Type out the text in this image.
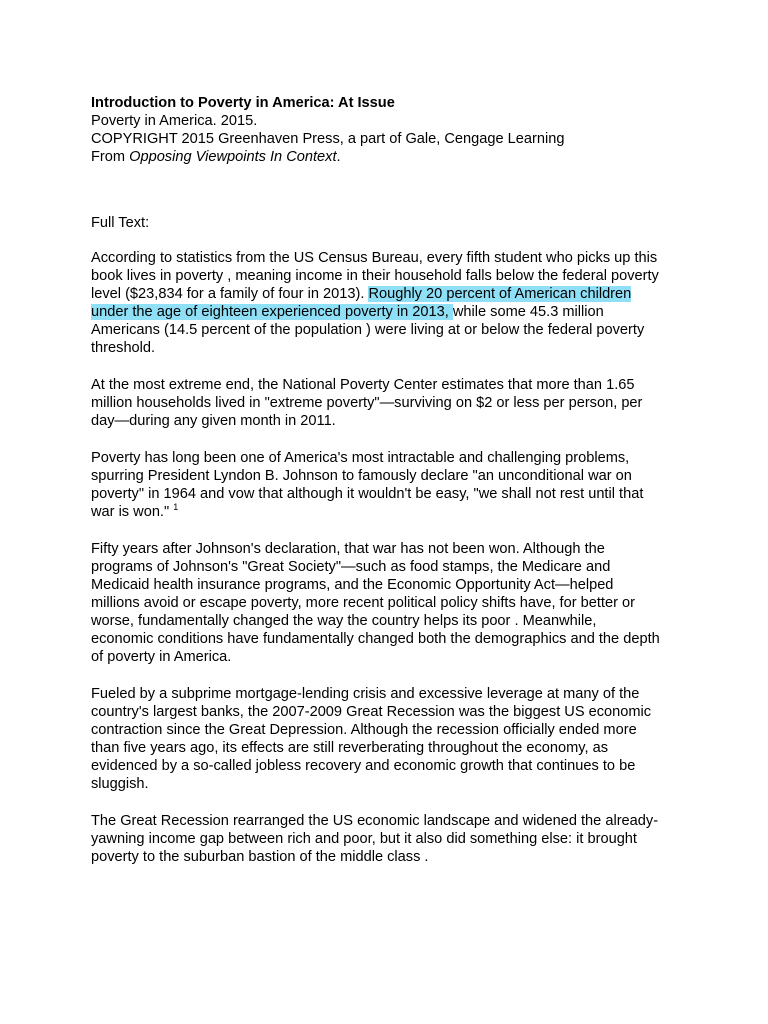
Introduction to Poverty in America: At Issue
Poverty in America. 2015.
COPYRIGHT 2015 Greenhaven Press, a part of Gale, Cengage Learning
From Opposing Viewpoints In Context.
Full Text:
According to statistics from the US Census Bureau, every fifth student who picks up this
book lives in poverty , meaning income in their household falls below the federal poverty
level ($23,834 for a family of four in 2013). Roughly 20 percent of American children
under the age of eighteen experienced poverty in 2013, while some 45.3 million
Americans (14.5 percent of the population ) were living at or below the federal poverty
threshold.
At the most extreme end, the National Poverty Center estimates that more than 1.65
million households lived in "extreme poverty"—surviving on $2 or less per person, per
day—during any given month in 2011.
Poverty has long been one of America's most intractable and challenging problems,
spurring President Lyndon B. Johnson to famously declare "an unconditional war on
poverty" in 1964 and vow that although it wouldn't be easy, "we shall not rest until that
war is won." $^1$
Fifty years after Johnson's declaration, that war has not been won. Although the
programs of Johnson's "Great Society"—such as food stamps, the Medicare and
Medicaid health insurance programs, and the Economic Opportunity Act—helped
millions avoid or escape poverty, more recent political policy shifts have, for better or
worse, fundamentally changed the way the country helps its poor . Meanwhile,
economic conditions have fundamentally changed both the demographics and the depth
of poverty in America.
Fueled by a subprime mortgage-lending crisis and excessive leverage at many of the
country's largest banks, the 2007-2009 Great Recession was the biggest US economic
contraction since the Great Depression. Although the recession officially ended more
than five years ago, its effects are still reverberating throughout the economy, as
evidenced by a so-called jobless recovery and economic growth that continues to be
sluggish.
The Great Recession rearranged the US economic landscape and widened the already-
yawning income gap between rich and poor, but it also did something else: it brought
poverty to the suburban bastion of the middle class .
